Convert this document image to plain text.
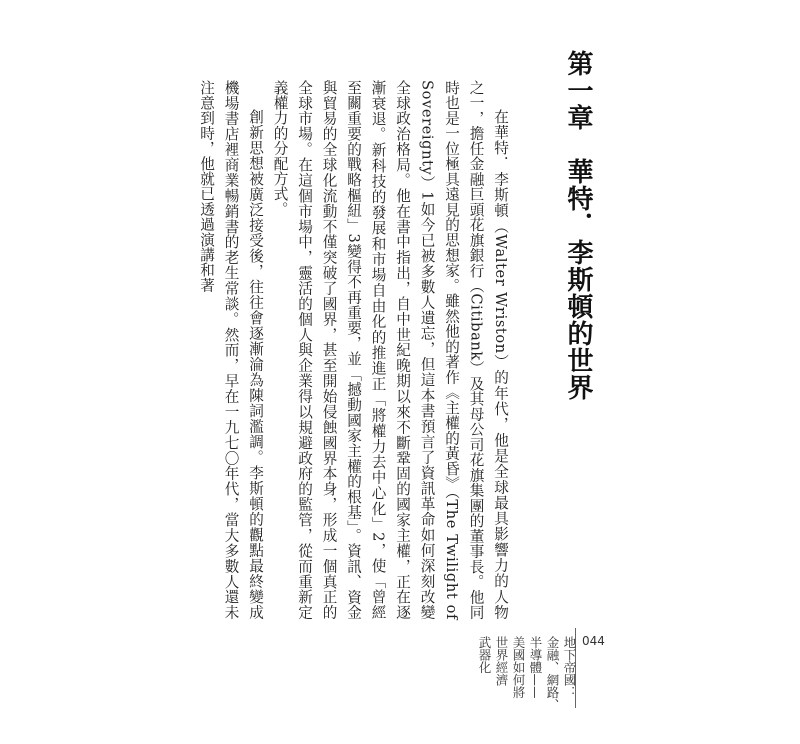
第一章　華特．李斯頓的世界

在華特．李斯頓（Walter Wriston）的年代，他是全球最具影響力的人物之一，擔任金融巨頭花旗銀行（Citibank）及其母公司花旗集團的董事長。他同時也是一位極具遠見的思想家。雖然他的著作《主權的黃昏》（The Twilight of Sovereignty）1如今已被多數人遺忘，但這本書預言了資訊革命如何深刻改變全球政治格局。他在書中指出，自中世紀晚期以來不斷鞏固的國家主權，正在逐漸衰退。新科技的發展和市場自由化的推進正「將權力去中心化」2，使「曾經至關重要的戰略樞紐」3變得不再重要，並「撼動國家主權的根基」。資訊、資金與貿易的全球化流動不僅突破了國界，甚至開始侵蝕國界本身，形成一個真正的全球市場。在這個市場中，靈活的個人與企業得以規避政府的監管，從而重新定義權力的分配方式。

創新思想被廣泛接受後，往往會逐漸淪為陳詞濫調。李斯頓的觀點最終變成機場書店裡商業暢銷書的老生常談。然而，早在一九七〇年代，當大多數人還未注意到時，他就已透過演講和著

044
地下帝國：
金融、網路、
半導體——
美國如何將
世界經濟
武器化
